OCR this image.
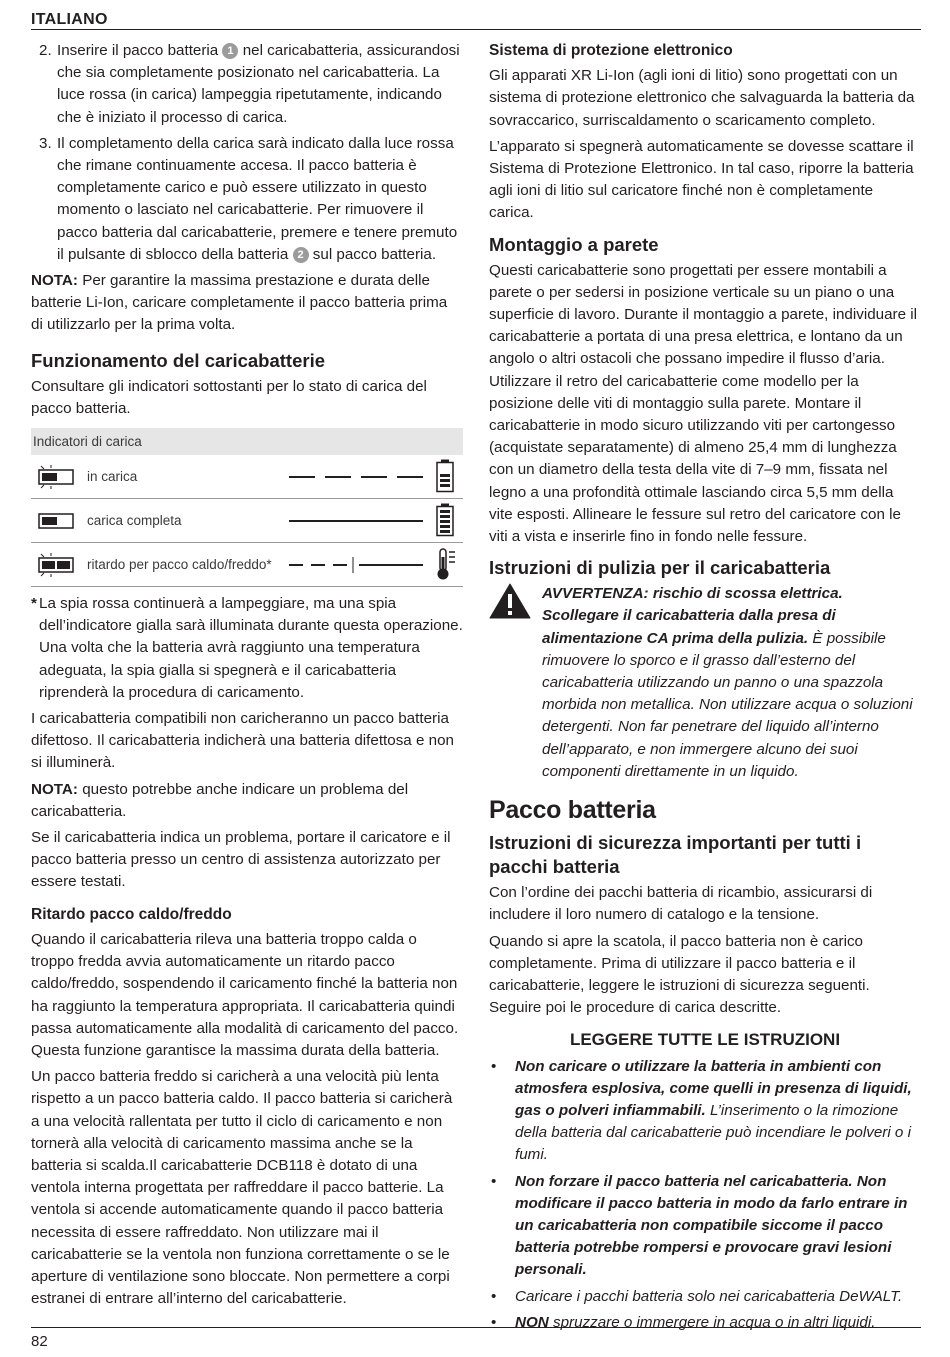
ITALIANO
2. Inserire il pacco batteria 1 nel caricabatteria, assicurandosi che sia completamente posizionato nel caricabatteria. La luce rossa (in carica) lampeggia ripetutamente, indicando che è iniziato il processo di carica.
3. Il completamento della carica sarà indicato dalla luce rossa che rimane continuamente accesa. Il pacco batteria è completamente carico e può essere utilizzato in questo momento o lasciato nel caricabatterie. Per rimuovere il pacco batteria dal caricabatterie, premere e tenere premuto il pulsante di sblocco della batteria 2 sul pacco batteria.

NOTA: Per garantire la massima prestazione e durata delle batterie Li-Ion, caricare completamente il pacco batteria prima di utilizzarlo per la prima volta.

Funzionamento del caricabatterie

Consultare gli indicatori sottostanti per lo stato di carica del pacco batteria.

Indicatori di carica
in carica
carica completa
ritardo per pacco caldo/freddo*
* La spia rossa continuerà a lampeggiare, ma una spia dell’indicatore gialla sarà illuminata durante questa operazione. Una volta che la batteria avrà raggiunto una temperatura adeguata, la spia gialla si spegnerà e il caricabatteria riprenderà la procedura di caricamento.

I caricabatteria compatibili non caricheranno un pacco batteria difettoso. Il caricabatteria indicherà una batteria difettosa e non si illuminerà.

NOTA: questo potrebbe anche indicare un problema del caricabatteria.

Se il caricabatteria indica un problema, portare il caricatore e il pacco batteria presso un centro di assistenza autorizzato per essere testati.

Ritardo pacco caldo/freddo

Quando il caricabatteria rileva una batteria troppo calda o troppo fredda avvia automaticamente un ritardo pacco caldo/freddo, sospendendo il caricamento finché la batteria non ha raggiunto la temperatura appropriata. Il caricabatteria quindi passa automaticamente alla modalità di caricamento del pacco. Questa funzione garantisce la massima durata della batteria.

Un pacco batteria freddo si caricherà a una velocità più lenta rispetto a un pacco batteria caldo. Il pacco batteria si caricherà a una velocità rallentata per tutto il ciclo di caricamento e non tornerà alla velocità di caricamento massima anche se la batteria si scalda.Il caricabatterie DCB118 è dotato di una ventola interna progettata per raffreddare il pacco batterie. La ventola si accende automaticamente quando il pacco batteria necessita di essere raffreddato. Non utilizzare mai il caricabatterie se la ventola non funziona correttamente o se le aperture di ventilazione sono bloccate. Non permettere a corpi estranei di entrare all’interno del caricabatterie.

Sistema di protezione elettronico

Gli apparati XR Li-Ion (agli ioni di litio) sono progettati con un sistema di protezione elettronico che salvaguarda la batteria da sovraccarico, surriscaldamento o scaricamento completo.

L’apparato si spegnerà automaticamente se dovesse scattare il Sistema di Protezione Elettronico. In tal caso, riporre la batteria agli ioni di litio sul caricatore finché non è completamente carica.

Montaggio a parete

Questi caricabatterie sono progettati per essere montabili a parete o per sedersi in posizione verticale su un piano o una superficie di lavoro. Durante il montaggio a parete, individuare il caricabatterie a portata di una presa elettrica, e lontano da un angolo o altri ostacoli che possano impedire il flusso d’aria. Utilizzare il retro del caricabatterie come modello per la posizione delle viti di montaggio sulla parete. Montare il caricabatterie in modo sicuro utilizzando viti per cartongesso (acquistate separatamente) di almeno 25,4 mm di lunghezza con un diametro della testa della vite di 7–9 mm, fissata nel legno a una profondità ottimale lasciando circa 5,5 mm della vite esposti. Allineare le fessure sul retro del caricatore con le viti a vista e inserirle fino in fondo nelle fessure.

Istruzioni di pulizia per il caricabatteria
AVVERTENZA: rischio di scossa elettrica. Scollegare il caricabatteria dalla presa di alimentazione CA prima della pulizia. È possibile rimuovere lo sporco e il grasso dall’esterno del caricabatteria utilizzando un panno o una spazzola morbida non metallica. Non utilizzare acqua o soluzioni detergenti. Non far penetrare del liquido all’interno dell’apparato, e non immergere alcuno dei suoi componenti direttamente in un liquido.
Pacco batteria
Istruzioni di sicurezza importanti per tutti i pacchi batteria

Con l’ordine dei pacchi batteria di ricambio, assicurarsi di includere il loro numero di catalogo e la tensione.

Quando si apre la scatola, il pacco batteria non è carico completamente. Prima di utilizzare il pacco batteria e il caricabatterie, leggere le istruzioni di sicurezza seguenti. Seguire poi le procedure di carica descritte.

LEGGERE TUTTE LE ISTRUZIONI
• Non caricare o utilizzare la batteria in ambienti con atmosfera esplosiva, come quelli in presenza di liquidi, gas o polveri infiammabili. L’inserimento o la rimozione della batteria dal caricabatterie può incendiare le polveri o i fumi.
• Non forzare il pacco batteria nel caricabatteria. Non modificare il pacco batteria in modo da farlo entrare in un caricabatteria non compatibile siccome il pacco batteria potrebbe rompersi e provocare gravi lesioni personali.
• Caricare i pacchi batteria solo nei caricabatteria DeWALT.
• NON spruzzare o immergere in acqua o in altri liquidi.
82
